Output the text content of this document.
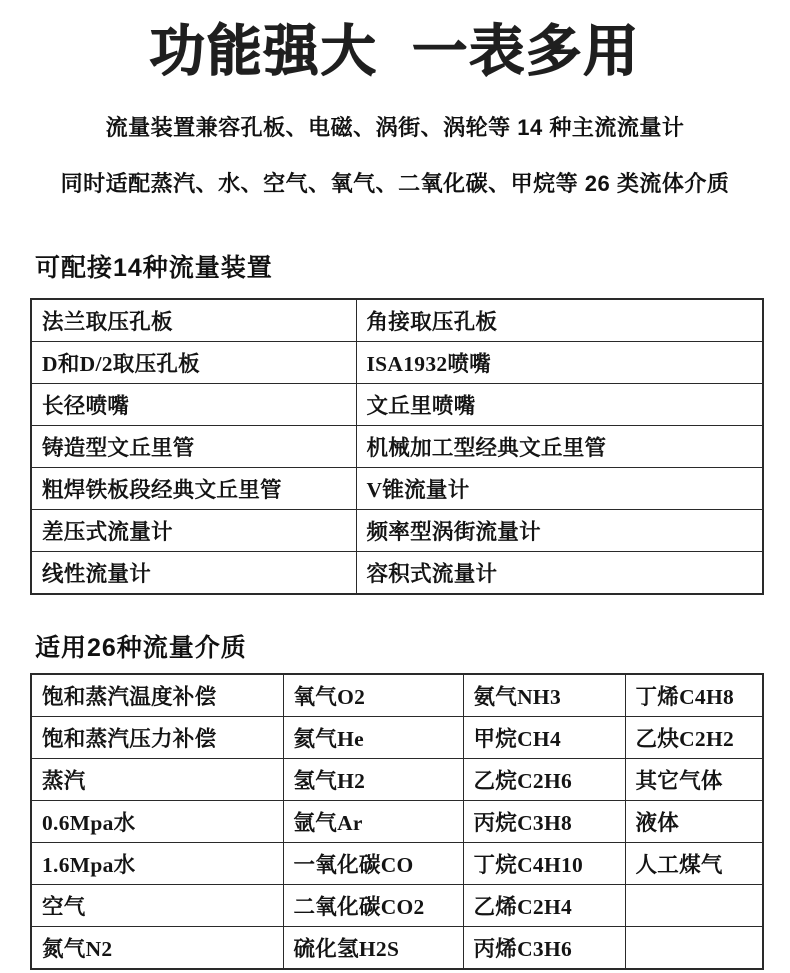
功能强大  一表多用
流量装置兼容孔板、电磁、涡街、涡轮等 14 种主流流量计
同时适配蒸汽、水、空气、氧气、二氧化碳、甲烷等 26 类流体介质
可配接14种流量装置
法兰取压孔板	角接取压孔板
D和D/2取压孔板	ISA1932喷嘴
长径喷嘴	文丘里喷嘴
铸造型文丘里管	机械加工型经典文丘里管
粗焊铁板段经典文丘里管	V锥流量计
差压式流量计	频率型涡街流量计
线性流量计	容积式流量计
适用26种流量介质
饱和蒸汽温度补偿	氧气O2	氨气NH3	丁烯C4H8
饱和蒸汽压力补偿	氦气He	甲烷CH4	乙炔C2H2
蒸汽	氢气H2	乙烷C2H6	其它气体
0.6Mpa水	氩气Ar	丙烷C3H8	液体
1.6Mpa水	一氧化碳CO	丁烷C4H10	人工煤气
空气	二氧化碳CO2	乙烯C2H4	
氮气N2	硫化氢H2S	丙烯C3H6	
